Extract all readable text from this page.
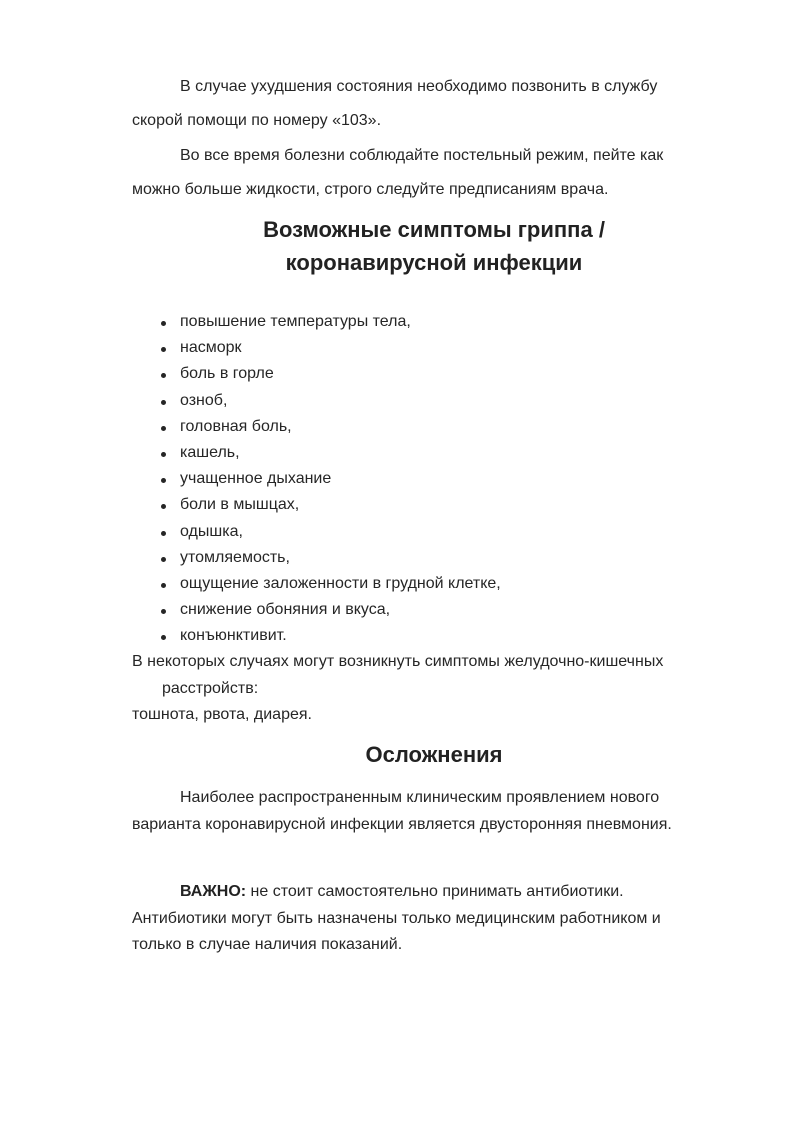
В случае ухудшения состояния необходимо позвонить в службу
скорой помощи по номеру «103».

Во все время болезни соблюдайте постельный режим, пейте как
можно больше жидкости, строго следуйте предписаниям врача.

Возможные симптомы гриппа /
коронавирусной инфекции
повышение температуры тела,
насморк
боль в горле
озноб,
головная боль,
кашель,
учащенное дыхание
боли в мышцах,
одышка,
утомляемость,
ощущение заложенности в грудной клетке,
снижение обоняния и вкуса,
конъюнктивит.

В некоторых случаях могут возникнуть симптомы желудочно-кишечных
расстройств:
тошнота, рвота, диарея.

Осложнения

Наиболее распространенным клиническим проявлением нового
варианта коронавирусной инфекции является двусторонняя пневмония.

ВАЖНО: не стоит самостоятельно принимать антибиотики.
Антибиотики могут быть назначены только медицинским работником и
только в случае наличия показаний.
